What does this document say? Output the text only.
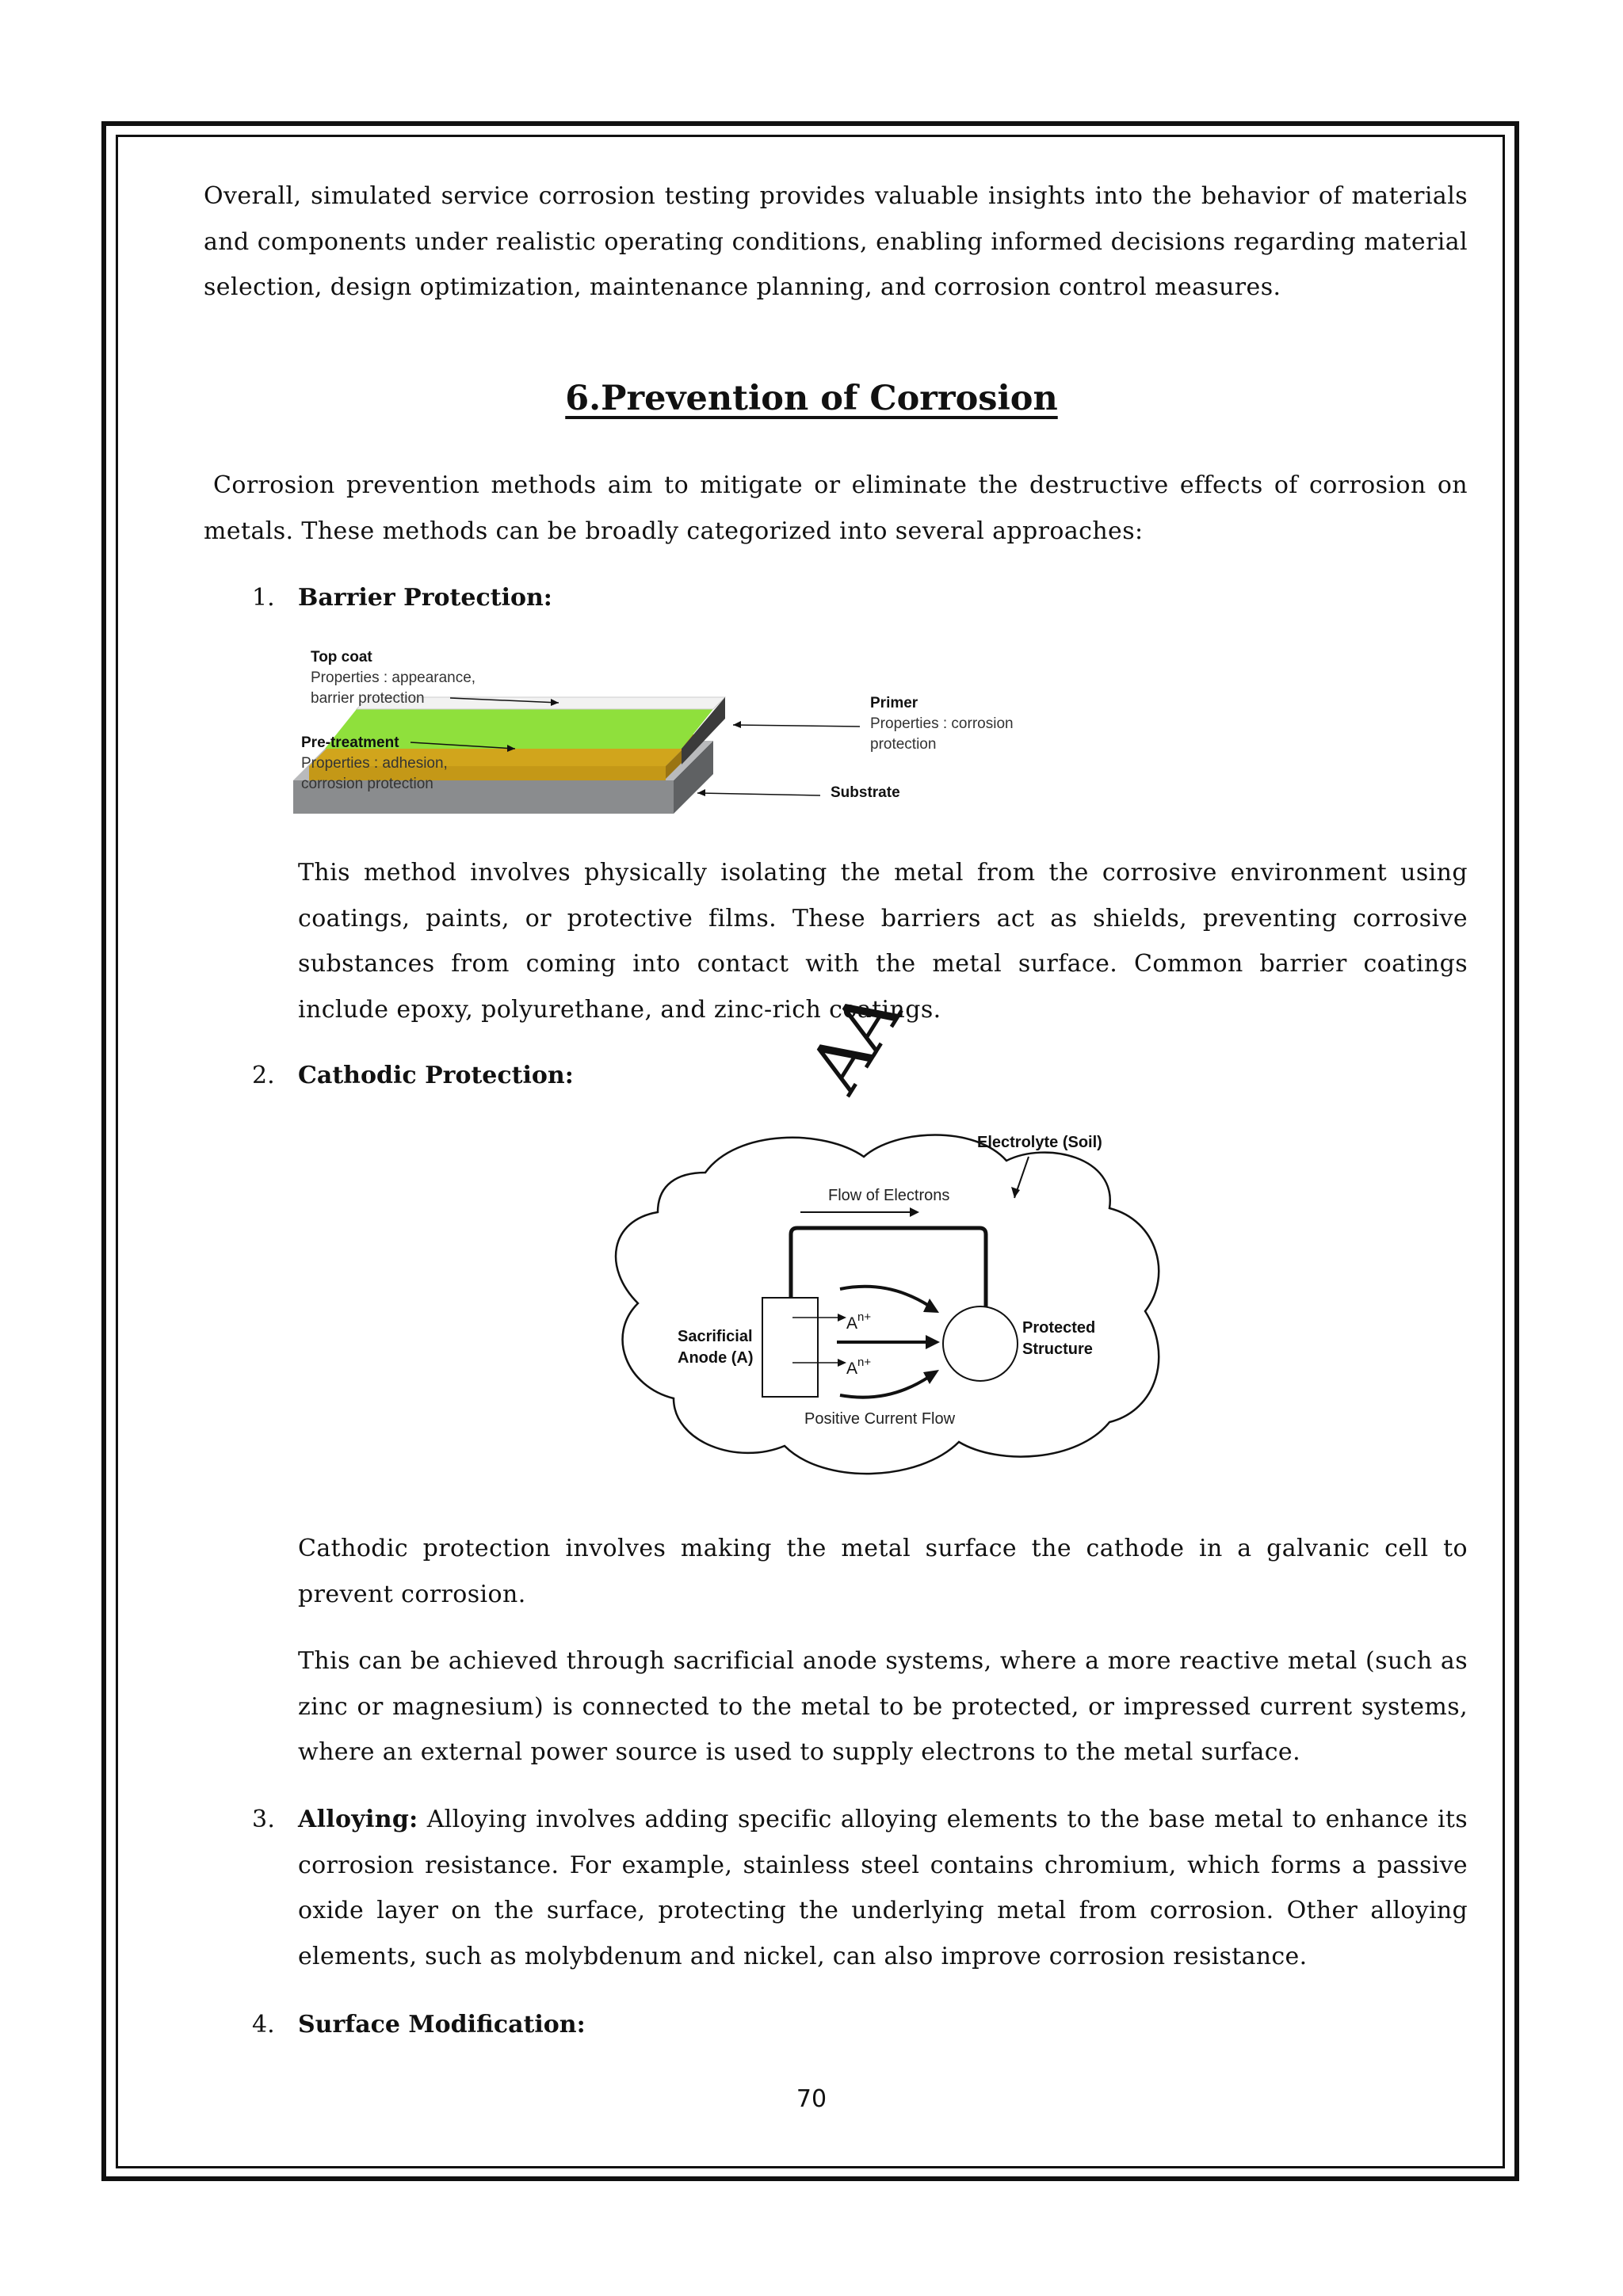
Overall, simulated service corrosion testing provides valuable insights into the behavior of materials and components under realistic operating conditions, enabling informed decisions regarding material selection, design optimization, maintenance planning, and corrosion control measures.

6.Prevention of Corrosion

Corrosion prevention methods aim to mitigate or eliminate the destructive effects of corrosion on metals. These methods can be broadly categorized into several approaches:

1. Barrier Protection:

Top coat
Properties : appearance,
barrier protection
Pre-treatment
Properties : adhesion,
corrosion protection
Primer
Properties : corrosion
protection
Substrate

This method involves physically isolating the metal from the corrosive environment using coatings, paints, or protective films. These barriers act as shields, preventing corrosive substances from coming into contact with the metal surface. Common barrier coatings include epoxy, polyurethane, and zinc-rich coatings.

2. Cathodic Protection:	AA
Electrolyte (Soil)
Flow of Electrons
Sacrificial
Anode (A)
Protected
Structure
$A^{n+}$
$A^{n+}$
Positive Current Flow

Cathodic protection involves making the metal surface the cathode in a galvanic cell to prevent corrosion.

This can be achieved through sacrificial anode systems, where a more reactive metal (such as zinc or magnesium) is connected to the metal to be protected, or impressed current systems, where an external power source is used to supply electrons to the metal surface.

3. Alloying: Alloying involves adding specific alloying elements to the base metal to enhance its corrosion resistance. For example, stainless steel contains chromium, which forms a passive oxide layer on the surface, protecting the underlying metal from corrosion. Other alloying elements, such as molybdenum and nickel, can also improve corrosion resistance.

4. Surface Modification:

70
